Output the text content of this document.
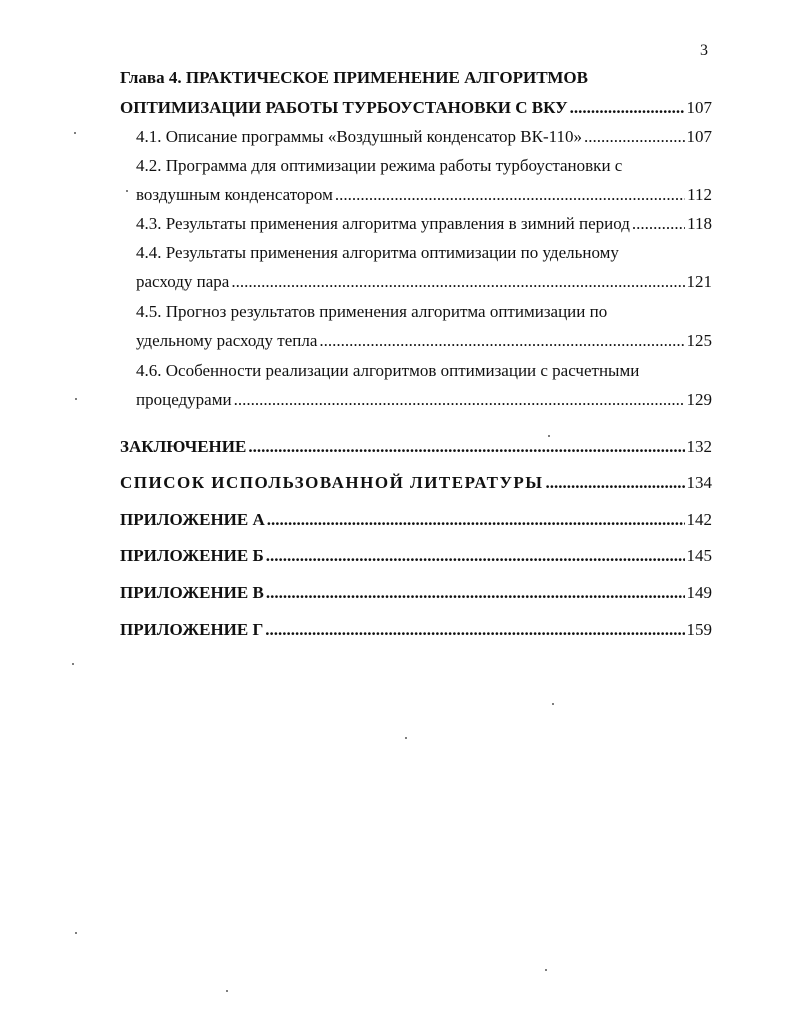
3
Глава 4. ПРАКТИЧЕСКОЕ ПРИМЕНЕНИЕ АЛГОРИТМОВ
ОПТИМИЗАЦИИ РАБОТЫ ТУРБОУСТАНОВКИ С ВКУ .....	107
4.1. Описание программы «Воздушный конденсатор ВК-110» .....	107
4.2. Программа для оптимизации режима работы турбоустановки с
воздушным конденсатором .....	112
4.3. Результаты применения алгоритма управления в зимний период .....	118
4.4. Результаты применения алгоритма оптимизации по удельному
расходу пара .....	121
4.5. Прогноз результатов применения алгоритма оптимизации по
удельному расходу тепла .....	125
4.6. Особенности реализации алгоритмов оптимизации с расчетными
процедурами .....	129
ЗАКЛЮЧЕНИЕ .....	132
СПИСОК ИСПОЛЬЗОВАННОЙ ЛИТЕРАТУРЫ .....	134
ПРИЛОЖЕНИЕ А .....	142
ПРИЛОЖЕНИЕ Б .....	145
ПРИЛОЖЕНИЕ В .....	149
ПРИЛОЖЕНИЕ Г .....	159
